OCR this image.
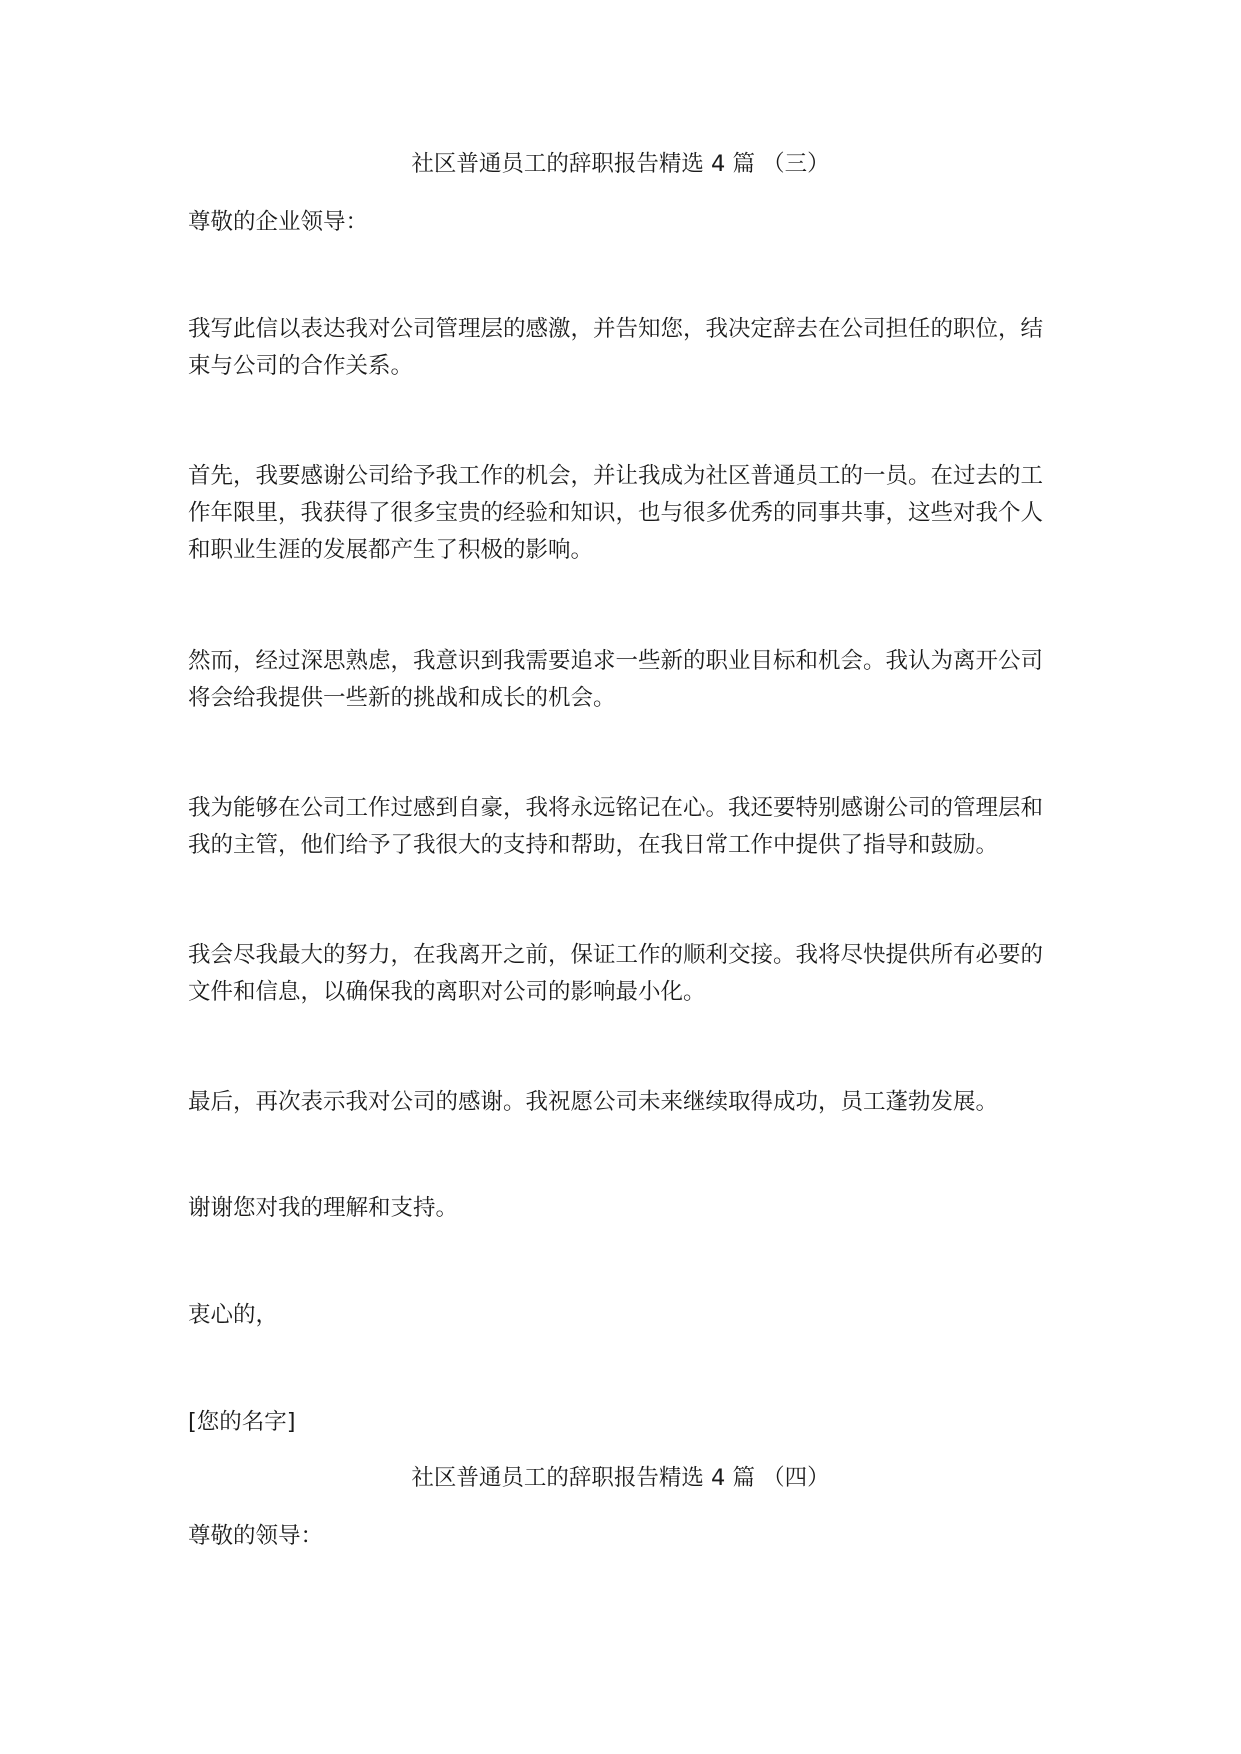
社区普通员工的辞职报告精选 4 篇 （三）

尊敬的企业领导：

我写此信以表达我对公司管理层的感激，并告知您，我决定辞去在公司担任的职位，结束与公司的合作关系。

首先，我要感谢公司给予我工作的机会，并让我成为社区普通员工的一员。在过去的工作年限里，我获得了很多宝贵的经验和知识，也与很多优秀的同事共事，这些对我个人和职业生涯的发展都产生了积极的影响。

然而，经过深思熟虑，我意识到我需要追求一些新的职业目标和机会。我认为离开公司将会给我提供一些新的挑战和成长的机会。

我为能够在公司工作过感到自豪，我将永远铭记在心。我还要特别感谢公司的管理层和我的主管，他们给予了我很大的支持和帮助，在我日常工作中提供了指导和鼓励。

我会尽我最大的努力，在我离开之前，保证工作的顺利交接。我将尽快提供所有必要的文件和信息，以确保我的离职对公司的影响最小化。

最后，再次表示我对公司的感谢。我祝愿公司未来继续取得成功，员工蓬勃发展。

谢谢您对我的理解和支持。

衷心的，

[您的名字]

社区普通员工的辞职报告精选 4 篇 （四）

尊敬的领导：
